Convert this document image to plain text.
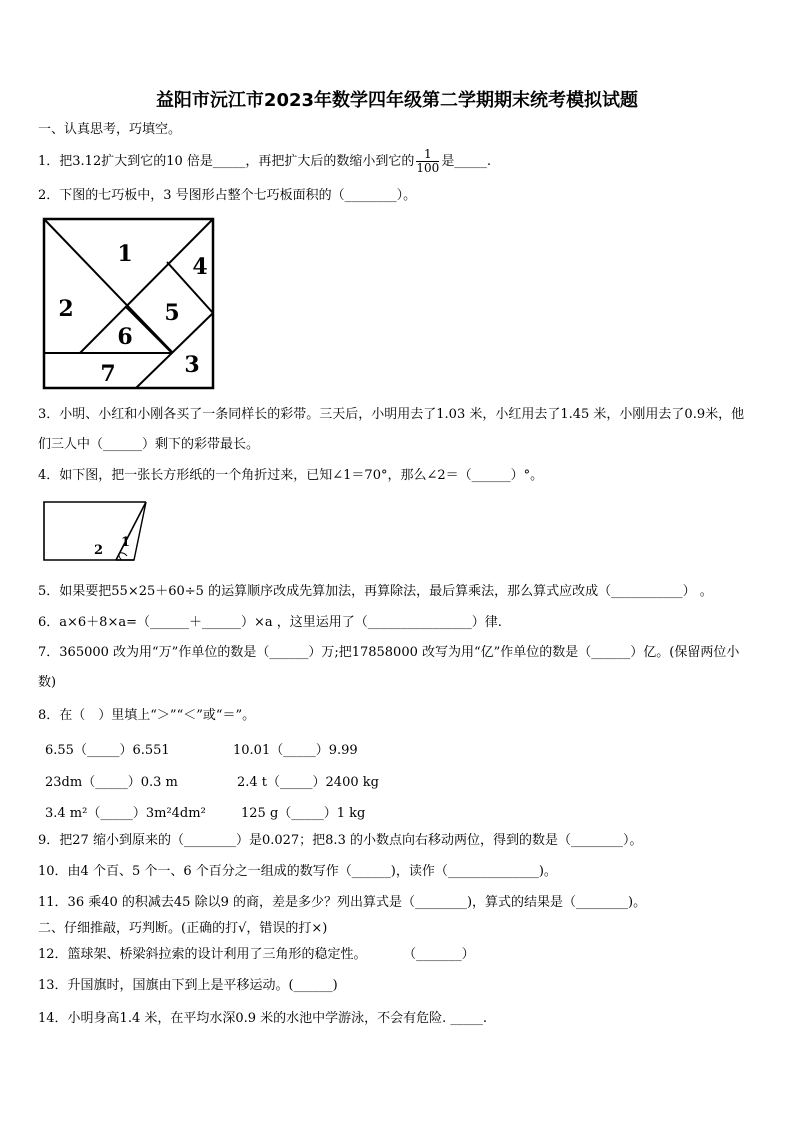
益阳市沅江市2023年数学四年级第二学期期末统考模拟试题
一、认真思考，巧填空。
1．把3.12扩大到它的10 倍是_____，再把扩大后的数缩小到它的 $\frac{1}{100}$ 是_____.
2．下图的七巧板中，3 号图形占整个七巧板面积的（________）。
1	4
2	5
6
3
7
3．小明、小红和小刚各买了一条同样长的彩带。三天后，小明用去了1.03 米，小红用去了1.45 米，小刚用去了0.9米，他们三人中（______）剩下的彩带最长。
4．如下图，把一张长方形纸的一个角折过来，已知∠1＝70°，那么∠2＝（______）°。
1
2
5．如果要把55×25＋60÷5 的运算顺序改成先算加法，再算除法，最后算乘法，那么算式应改成（___________） 。
6．a×6＋8×a=（______＋______）×a ，这里运用了（________________）律.
7．365000 改为用“万”作单位的数是（______）万;把17858000 改写为用“亿”作单位的数是（______）亿。(保留两位小数)
8．在（　）里填上“＞”“＜”或“＝”。
6.55（_____）6.551	10.01（_____）9.99
23dm（_____）0.3 m	2.4 t（_____）2400 kg
3.4 m²（_____）3m²4dm²	125 g（_____）1 kg
9．把27 缩小到原来的（________）是0.027；把8.3 的小数点向右移动两位，得到的数是（________）。
10．由4 个百、5 个一、6 个百分之一组成的数写作（______)，读作（______________)。
11．36 乘40 的积减去45 除以9 的商，差是多少？列出算式是（________)，算式的结果是（________)。
二、仔细推敲，巧判断。(正确的打√，错误的打×)
12．篮球架、桥梁斜拉索的设计利用了三角形的稳定性。 　　　（_______）
13．升国旗时，国旗由下到上是平移运动。(______)
14．小明身高1.4 米，在平均水深0.9 米的水池中学游泳，不会有危险. _____.
